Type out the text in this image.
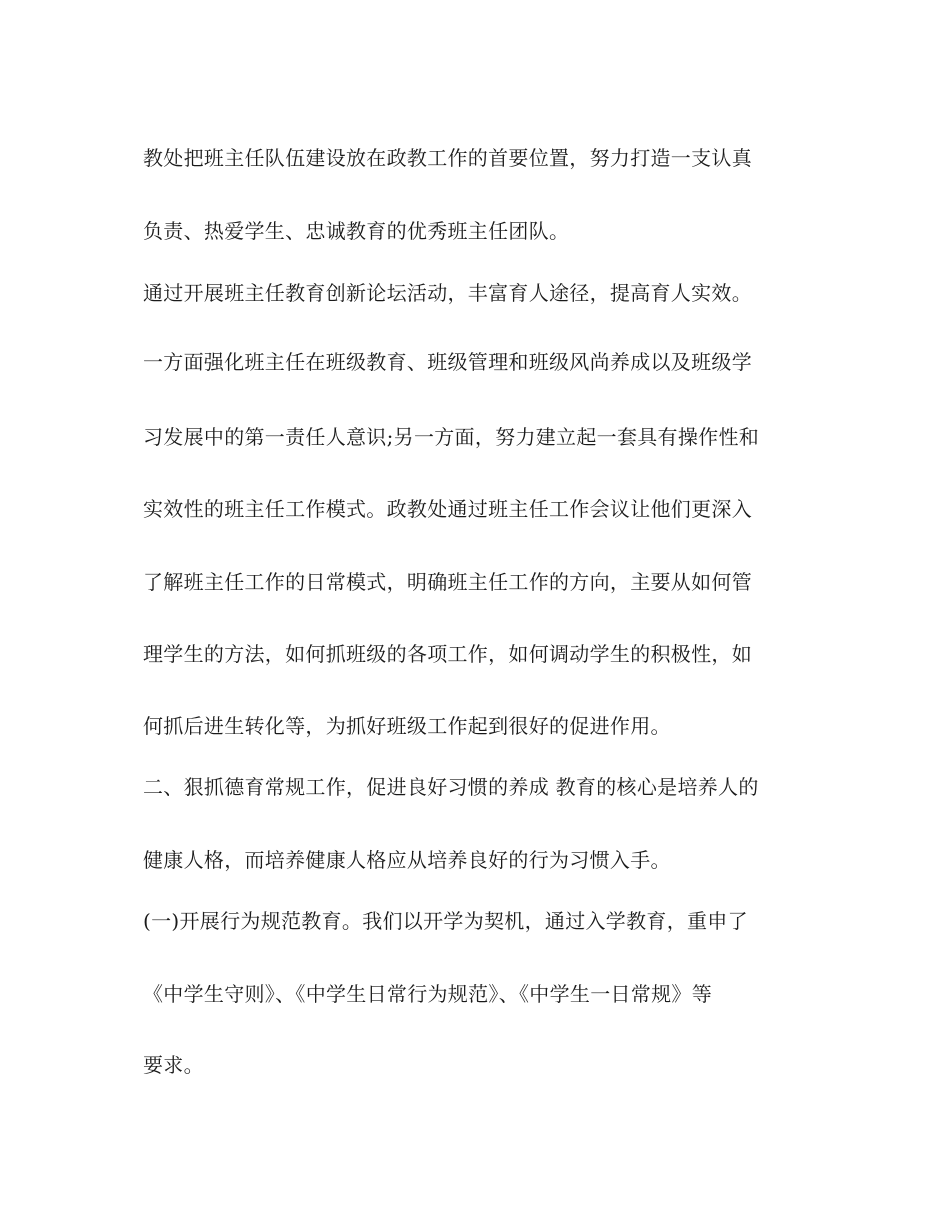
教处把班主任队伍建设放在政教工作的首要位置，努力打造一支认真
负责、热爱学生、忠诚教育的优秀班主任团队。
通过开展班主任教育创新论坛活动，丰富育人途径，提高育人实效。
一方面强化班主任在班级教育、班级管理和班级风尚养成以及班级学
习发展中的第一责任人意识;另一方面，努力建立起一套具有操作性和
实效性的班主任工作模式。政教处通过班主任工作会议让他们更深入
了解班主任工作的日常模式，明确班主任工作的方向，主要从如何管
理学生的方法，如何抓班级的各项工作，如何调动学生的积极性，如
何抓后进生转化等，为抓好班级工作起到很好的促进作用。
二、狠抓德育常规工作，促进良好习惯的养成 教育的核心是培养人的
健康人格，而培养健康人格应从培养良好的行为习惯入手。
(一)开展行为规范教育。我们以开学为契机，通过入学教育，重申了
《中学生守则》、《中学生日常行为规范》、《中学生一日常规》等
要求。
